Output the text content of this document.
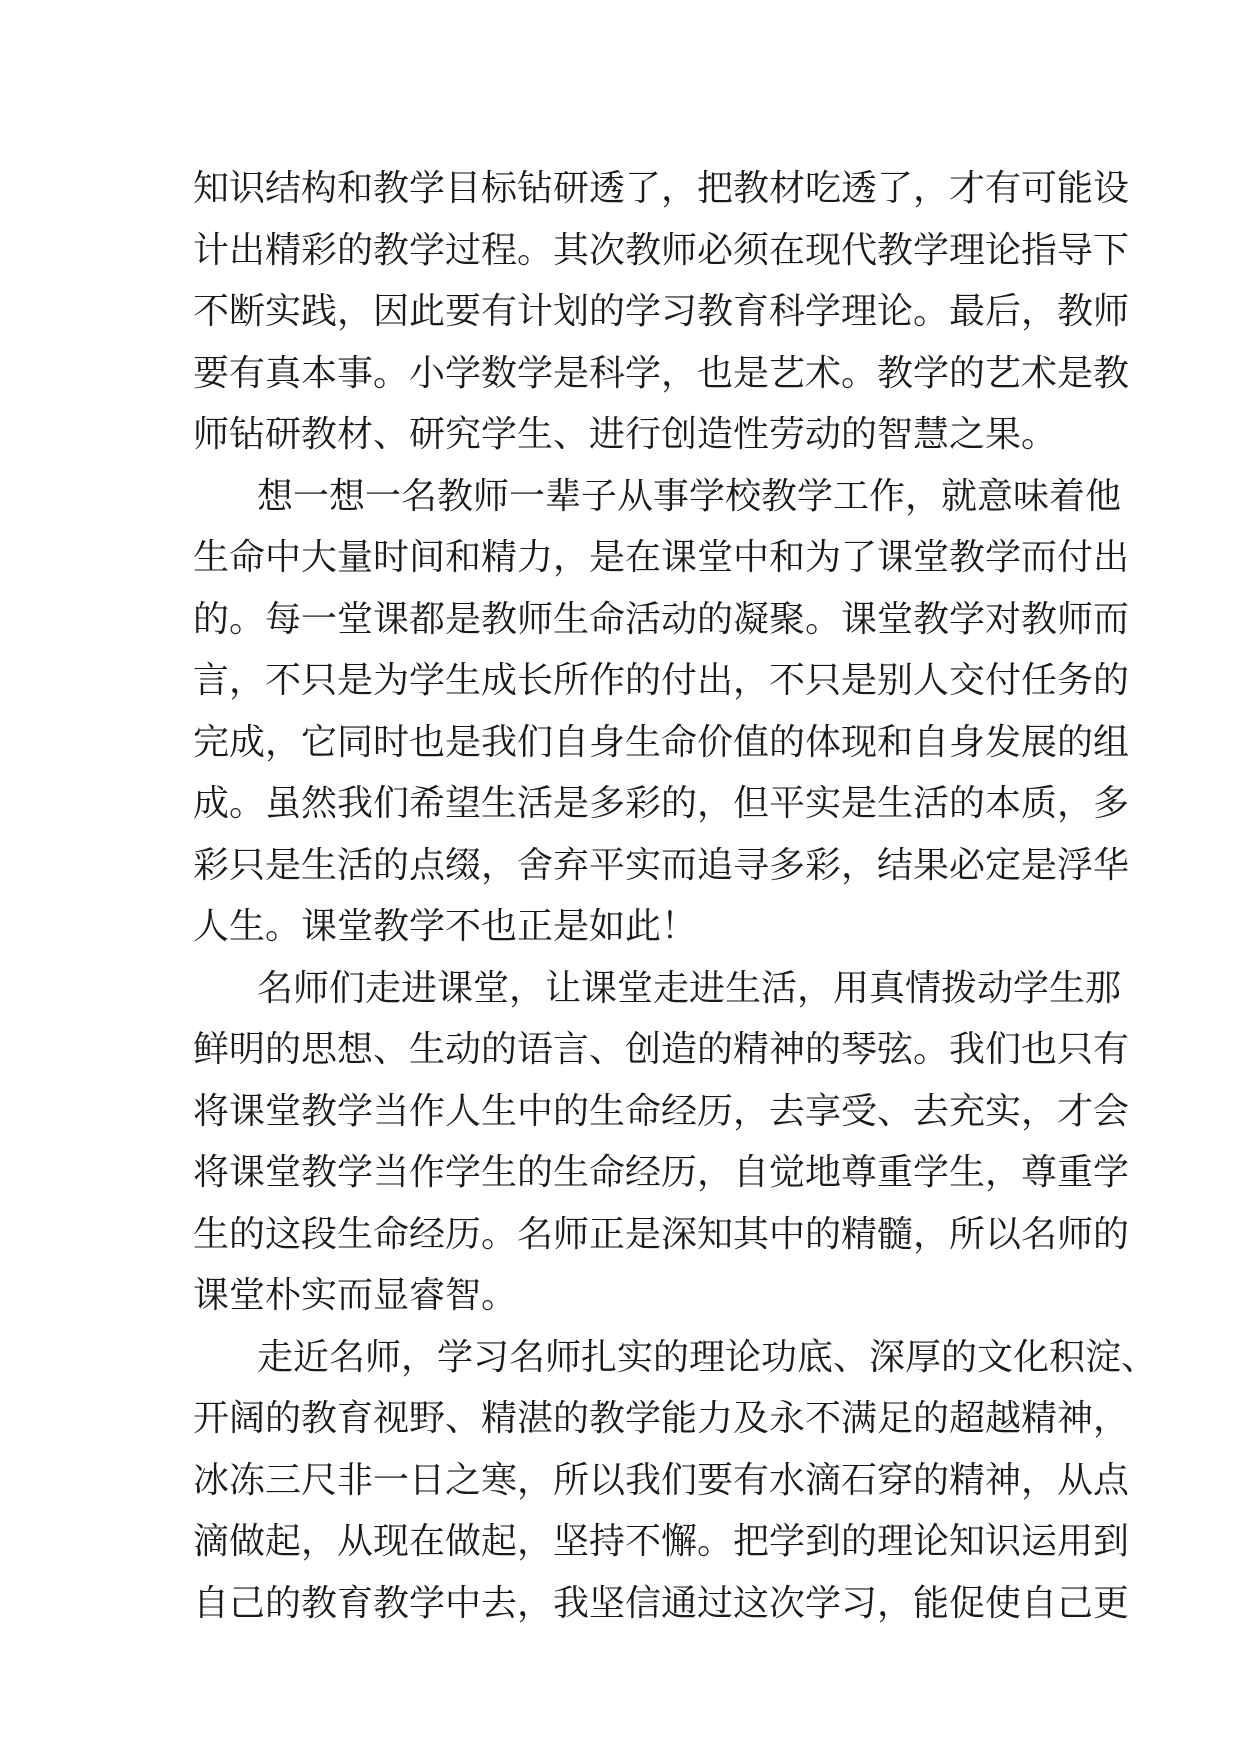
知识结构和教学目标钻研透了，把教材吃透了，才有可能设
计出精彩的教学过程。其次教师必须在现代教学理论指导下
不断实践，因此要有计划的学习教育科学理论。最后，教师
要有真本事。小学数学是科学，也是艺术。教学的艺术是教
师钻研教材、研究学生、进行创造性劳动的智慧之果。
想一想一名教师一辈子从事学校教学工作，就意味着他
生命中大量时间和精力，是在课堂中和为了课堂教学而付出
的。每一堂课都是教师生命活动的凝聚。课堂教学对教师而
言，不只是为学生成长所作的付出，不只是别人交付任务的
完成，它同时也是我们自身生命价值的体现和自身发展的组
成。虽然我们希望生活是多彩的，但平实是生活的本质，多
彩只是生活的点缀，舍弃平实而追寻多彩，结果必定是浮华
人生。课堂教学不也正是如此！
名师们走进课堂，让课堂走进生活，用真情拨动学生那
鲜明的思想、生动的语言、创造的精神的琴弦。我们也只有
将课堂教学当作人生中的生命经历，去享受、去充实，才会
将课堂教学当作学生的生命经历，自觉地尊重学生，尊重学
生的这段生命经历。名师正是深知其中的精髓，所以名师的
课堂朴实而显睿智。
走近名师，学习名师扎实的理论功底、深厚的文化积淀、
开阔的教育视野、精湛的教学能力及永不满足的超越精神，
冰冻三尺非一日之寒，所以我们要有水滴石穿的精神，从点
滴做起，从现在做起，坚持不懈。把学到的理论知识运用到
自己的教育教学中去，我坚信通过这次学习，能促使自己更
